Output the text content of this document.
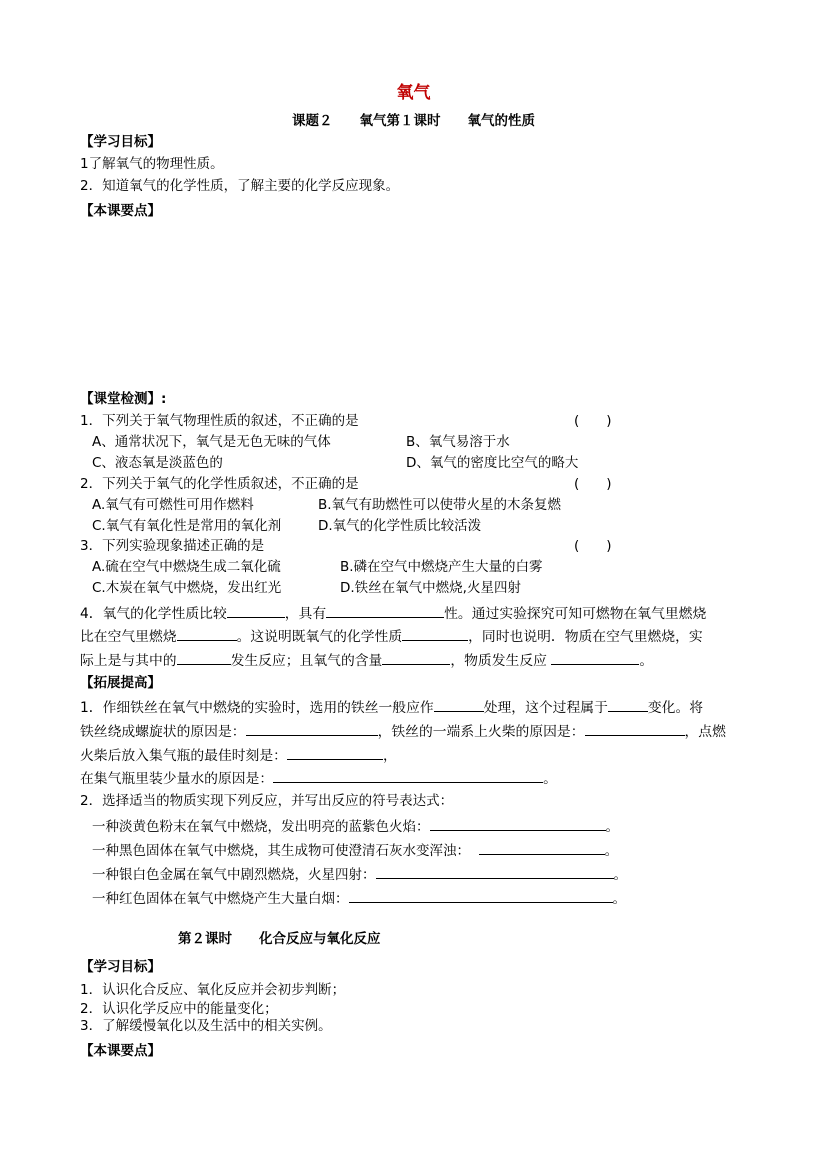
氧气
课题２　　氧气第１课时　　氧气的性质
【学习目标】
1了解氧气的物理性质。
2．知道氧气的化学性质，了解主要的化学反应现象。
【本课要点】
【课堂检测】:
1．下列关于氧气物理性质的叙述，不正确的是	(　　)
A、通常状况下，氧气是无色无味的气体	B、氧气易溶于水
C、液态氧是淡蓝色的	D、氧气的密度比空气的略大
2．下列关于氧气的化学性质叙述，不正确的是	(　　)
A.氧气有可燃性可用作燃料	B.氧气有助燃性可以使带火星的木条复燃
C.氧气有氧化性是常用的氧化剂	D.氧气的化学性质比较活泼
3．下列实验现象描述正确的是	(　　)
A.硫在空气中燃烧生成二氧化硫	B.磷在空气中燃烧产生大量的白雾
C.木炭在氧气中燃烧，发出红光	D.铁丝在氧气中燃烧,火星四射
4．氧气的化学性质比较	，具有	性。通过实验探究可知可燃物在氧气里燃烧
比在空气里燃烧	。这说明既氧气的化学性质	，同时也说明．物质在空气里燃烧，实
际上是与其中的	发生反应；且氧气的含量	，物质发生反应	。
【拓展提高】
1．作细铁丝在氧气中燃烧的实验时，选用的铁丝一般应作	处理，这个过程属于	变化。将
铁丝绕成螺旋状的原因是：	，铁丝的一端系上火柴的原因是：	，点燃
火柴后放入集气瓶的最佳时刻是：	，
在集气瓶里装少量水的原因是：	。
2．选择适当的物质实现下列反应，并写出反应的符号表达式：
一种淡黄色粉末在氧气中燃烧，发出明亮的蓝紫色火焰：	。
一种黑色固体在氧气中燃烧，其生成物可使澄清石灰水变浑浊：	。
一种银白色金属在氧气中剧烈燃烧，火星四射：	。
一种红色固体在氧气中燃烧产生大量白烟：	。
第２课时　　化合反应与氧化反应
【学习目标】
1．认识化合反应、氧化反应并会初步判断；
2．认识化学反应中的能量变化；
3．了解缓慢氧化以及生活中的相关实例。
【本课要点】
